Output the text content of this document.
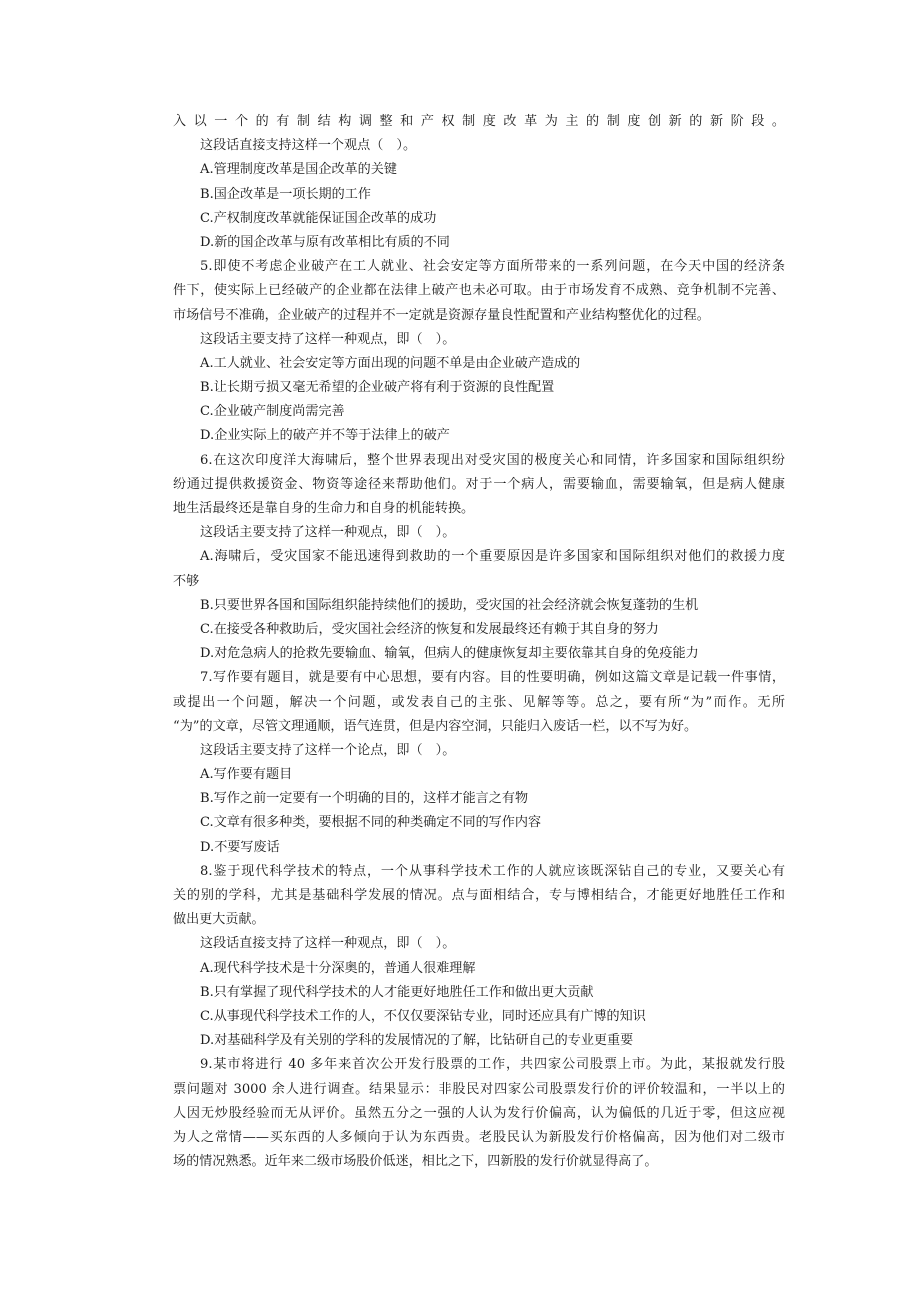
入以一个的有制结构调整和产权制度改革为主的制度创新的新阶段。
这段话直接支持这样一个观点（　）。
A.管理制度改革是国企改革的关键
B.国企改革是一项长期的工作
C.产权制度改革就能保证国企改革的成功
D.新的国企改革与原有改革相比有质的不同
5.即使不考虑企业破产在工人就业、社会安定等方面所带来的一系列问题，在今天中国的经济条
件下，使实际上已经破产的企业都在法律上破产也未必可取。由于市场发育不成熟、竞争机制不完善、
市场信号不准确，企业破产的过程并不一定就是资源存量良性配置和产业结构整优化的过程。
这段话主要支持了这样一种观点，即（　）。
A.工人就业、社会安定等方面出现的问题不单是由企业破产造成的
B.让长期亏损又毫无希望的企业破产将有利于资源的良性配置
C.企业破产制度尚需完善
D.企业实际上的破产并不等于法律上的破产
6.在这次印度洋大海啸后，整个世界表现出对受灾国的极度关心和同情，许多国家和国际组织纷
纷通过提供救援资金、物资等途径来帮助他们。对于一个病人，需要输血，需要输氧，但是病人健康
地生活最终还是靠自身的生命力和自身的机能转换。
这段话主要支持了这样一种观点，即（　）。
A.海啸后，受灾国家不能迅速得到救助的一个重要原因是许多国家和国际组织对他们的救援力度
不够
B.只要世界各国和国际组织能持续他们的援助，受灾国的社会经济就会恢复蓬勃的生机
C.在接受各种救助后，受灾国社会经济的恢复和发展最终还有赖于其自身的努力
D.对危急病人的抢救先要输血、输氧，但病人的健康恢复却主要依靠其自身的免疫能力
7.写作要有题目，就是要有中心思想，要有内容。目的性要明确，例如这篇文章是记载一件事情，
或提出一个问题，解决一个问题，或发表自己的主张、见解等等。总之，要有所“为”而作。无所
“为”的文章，尽管文理通顺，语气连贯，但是内容空洞，只能归入废话一栏，以不写为好。
这段话主要支持了这样一个论点，即（　）。
A.写作要有题目
B.写作之前一定要有一个明确的目的，这样才能言之有物
C.文章有很多种类，要根据不同的种类确定不同的写作内容
D.不要写废话
8.鉴于现代科学技术的特点，一个从事科学技术工作的人就应该既深钻自己的专业，又要关心有
关的别的学科，尤其是基础科学发展的情况。点与面相结合，专与博相结合，才能更好地胜任工作和
做出更大贡献。
这段话直接支持了这样一种观点，即（　）。
A.现代科学技术是十分深奥的，普通人很难理解
B.只有掌握了现代科学技术的人才能更好地胜任工作和做出更大贡献
C.从事现代科学技术工作的人，不仅仅要深钻专业，同时还应具有广博的知识
D.对基础科学及有关别的学科的发展情况的了解，比钻研自己的专业更重要
9.某市将进行 40 多年来首次公开发行股票的工作，共四家公司股票上市。为此，某报就发行股
票问题对 3000 余人进行调查。结果显示：非股民对四家公司股票发行价的评价较温和，一半以上的
人因无炒股经验而无从评价。虽然五分之一强的人认为发行价偏高，认为偏低的几近于零，但这应视
为人之常情——买东西的人多倾向于认为东西贵。老股民认为新股发行价格偏高，因为他们对二级市
场的情况熟悉。近年来二级市场股价低迷，相比之下，四新股的发行价就显得高了。
